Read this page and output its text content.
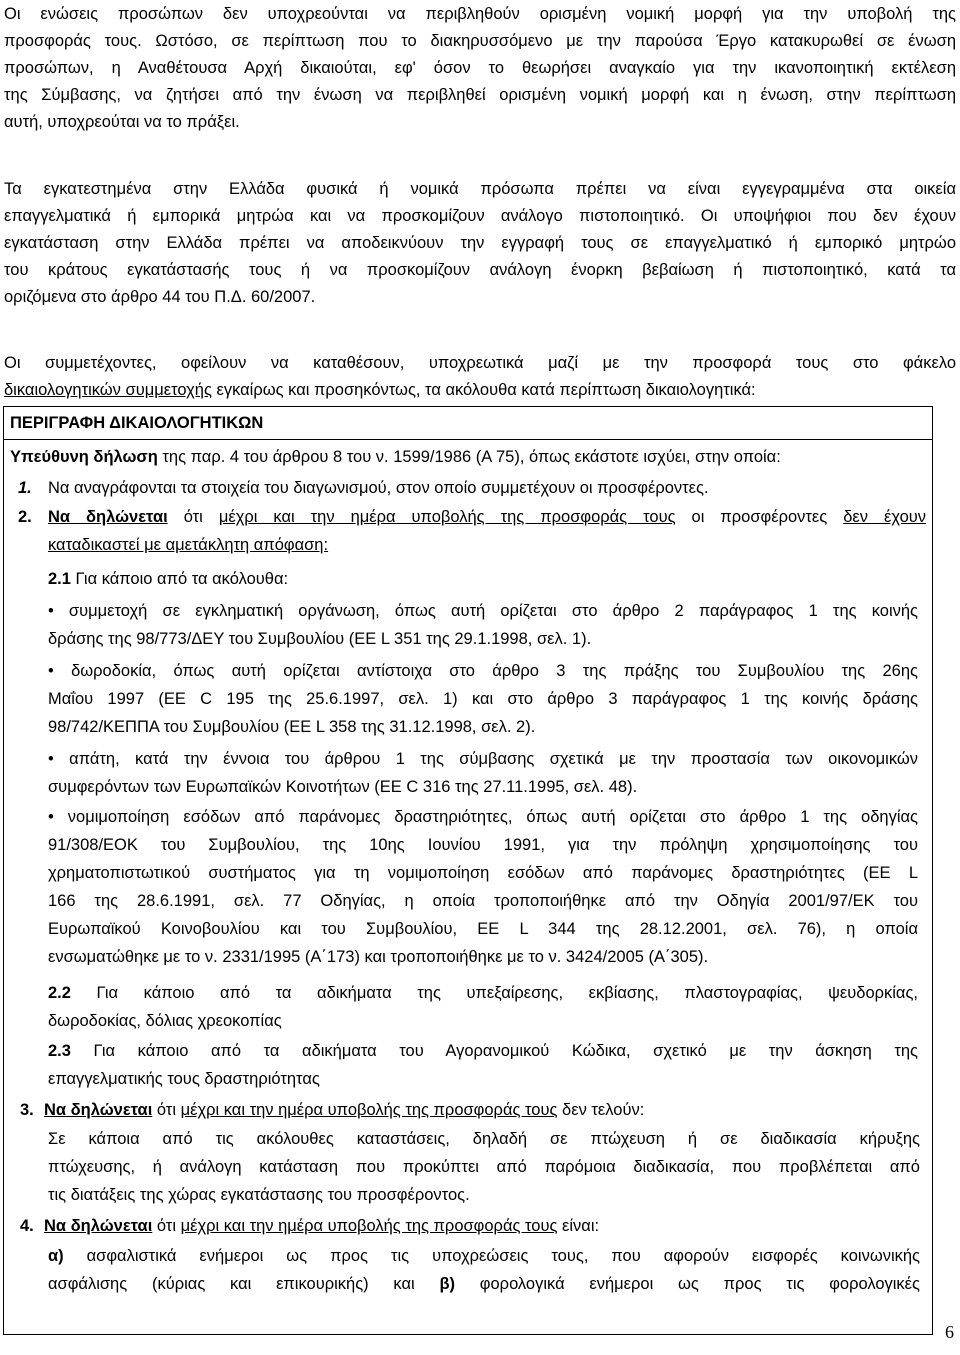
Οι ενώσεις προσώπων δεν υποχρεούνται να περιβληθούν ορισμένη νομική μορφή για την υποβολή της
προσφοράς τους. Ωστόσο, σε περίπτωση που το διακηρυσσόμενο με την παρούσα Έργο κατακυρωθεί σε ένωση
προσώπων, η Αναθέτουσα Αρχή δικαιούται, εφ' όσον το θεωρήσει αναγκαίο για την ικανοποιητική εκτέλεση
της Σύμβασης, να ζητήσει από την ένωση να περιβληθεί ορισμένη νομική μορφή και η ένωση, στην περίπτωση
αυτή, υποχρεούται να το πράξει.
Τα εγκατεστημένα στην Ελλάδα φυσικά ή νομικά πρόσωπα πρέπει να είναι εγγεγραμμένα στα οικεία
επαγγελματικά ή εμπορικά μητρώα και να προσκομίζουν ανάλογο πιστοποιητικό. Οι υποψήφιοι που δεν έχουν
εγκατάσταση στην Ελλάδα πρέπει να αποδεικνύουν την εγγραφή τους σε επαγγελματικό ή εμπορικό μητρώο
του κράτους εγκατάστασής τους ή να προσκομίζουν ανάλογη ένορκη βεβαίωση ή πιστοποιητικό, κατά τα
οριζόμενα στο άρθρο 44 του Π.Δ. 60/2007.
Οι συμμετέχοντες, οφείλουν να καταθέσουν, υποχρεωτικά μαζί με την προσφορά τους στο φάκελο
δικαιολογητικών συμμετοχής εγκαίρως και προσηκόντως, τα ακόλουθα κατά περίπτωση δικαιολογητικά:
ΠΕΡΙΓΡΑΦΗ ΔΙΚΑΙΟΛΟΓΗΤΙΚΩΝ
Υπεύθυνη δήλωση της παρ. 4 του άρθρου 8 του ν. 1599/1986 (Α 75), όπως εκάστοτε ισχύει, στην οποία:
1. Να αναγράφονται τα στοιχεία του διαγωνισμού, στον οποίο συμμετέχουν οι προσφέροντες.
2. Να δηλώνεται ότι μέχρι και την ημέρα υποβολής της προσφοράς τους οι προσφέροντες δεν έχουν
καταδικαστεί με αμετάκλητη απόφαση:
2.1 Για κάποιο από τα ακόλουθα:
• συμμετοχή σε εγκληματική οργάνωση, όπως αυτή ορίζεται στο άρθρο 2 παράγραφος 1 της κοινής
δράσης της 98/773/ΔΕΥ του Συμβουλίου (ΕΕ L 351 της 29.1.1998, σελ. 1).
• δωροδοκία, όπως αυτή ορίζεται αντίστοιχα στο άρθρο 3 της πράξης του Συμβουλίου της 26ης
Μαΐου 1997 (ΕΕ C 195 της 25.6.1997, σελ. 1) και στο άρθρο 3 παράγραφος 1 της κοινής δράσης
98/742/ΚΕΠΠΑ του Συμβουλίου (ΕΕ L 358 της 31.12.1998, σελ. 2).
• απάτη, κατά την έννοια του άρθρου 1 της σύμβασης σχετικά με την προστασία των οικονομικών
συμφερόντων των Ευρωπαϊκών Κοινοτήτων (ΕΕ C 316 της 27.11.1995, σελ. 48).
• νομιμοποίηση εσόδων από παράνομες δραστηριότητες, όπως αυτή ορίζεται στο άρθρο 1 της οδηγίας
91/308/ΕΟΚ του Συμβουλίου, της 10ης Ιουνίου 1991, για την πρόληψη χρησιμοποίησης του
χρηματοπιστωτικού συστήματος για τη νομιμοποίηση εσόδων από παράνομες δραστηριότητες (ΕΕ L
166 της 28.6.1991, σελ. 77 Οδηγίας, η οποία τροποποιήθηκε από την Οδηγία 2001/97/ΕΚ του
Ευρωπαϊκού Κοινοβουλίου και του Συμβουλίου, ΕΕ L 344 της 28.12.2001, σελ. 76), η οποία
ενσωματώθηκε με το ν. 2331/1995 (Α΄173) και τροποποιήθηκε με το ν. 3424/2005 (Α΄305).
2.2 Για κάποιο από τα αδικήματα της υπεξαίρεσης, εκβίασης, πλαστογραφίας, ψευδορκίας,
δωροδοκίας, δόλιας χρεοκοπίας
2.3 Για κάποιο από τα αδικήματα του Αγορανομικού Κώδικα, σχετικό με την άσκηση της
επαγγελματικής τους δραστηριότητας
3. Να δηλώνεται ότι μέχρι και την ημέρα υποβολής της προσφοράς τους δεν τελούν:
Σε κάποια από τις ακόλουθες καταστάσεις, δηλαδή σε πτώχευση ή σε διαδικασία κήρυξης
πτώχευσης, ή ανάλογη κατάσταση που προκύπτει από παρόμοια διαδικασία, που προβλέπεται από
τις διατάξεις της χώρας εγκατάστασης του προσφέροντος.
4. Να δηλώνεται ότι μέχρι και την ημέρα υποβολής της προσφοράς τους είναι:
α) ασφαλιστικά ενήμεροι ως προς τις υποχρεώσεις τους, που αφορούν εισφορές κοινωνικής
ασφάλισης (κύριας και επικουρικής) και β) φορολογικά ενήμεροι ως προς τις φορολογικές
6
